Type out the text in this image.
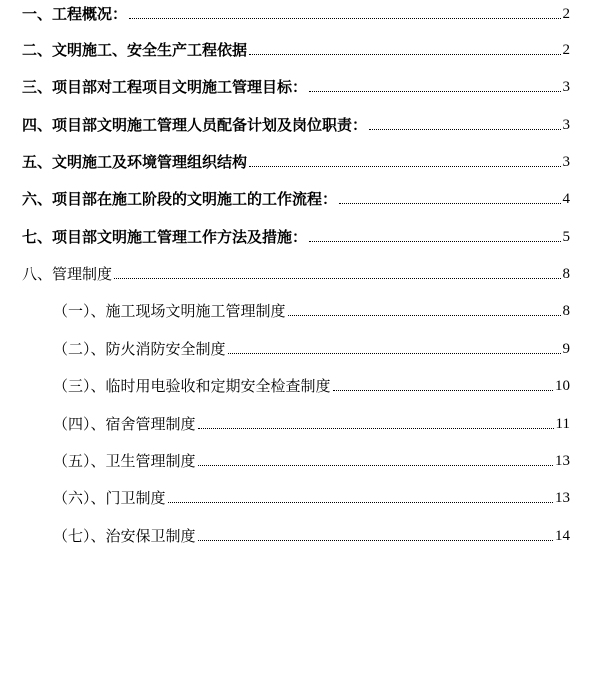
一、工程概况：	2
二、文明施工、安全生产工程依据	2
三、项目部对工程项目文明施工管理目标：	3
四、项目部文明施工管理人员配备计划及岗位职责：	3
五、文明施工及环境管理组织结构	3
六、项目部在施工阶段的文明施工的工作流程：	4
七、项目部文明施工管理工作方法及措施：	5
八、管理制度	8
（一）、施工现场文明施工管理制度	8
（二）、防火消防安全制度	9
（三）、临时用电验收和定期安全检查制度	10
（四）、宿舍管理制度	11
（五）、卫生管理制度	13
（六）、门卫制度	13
（七）、治安保卫制度	14
